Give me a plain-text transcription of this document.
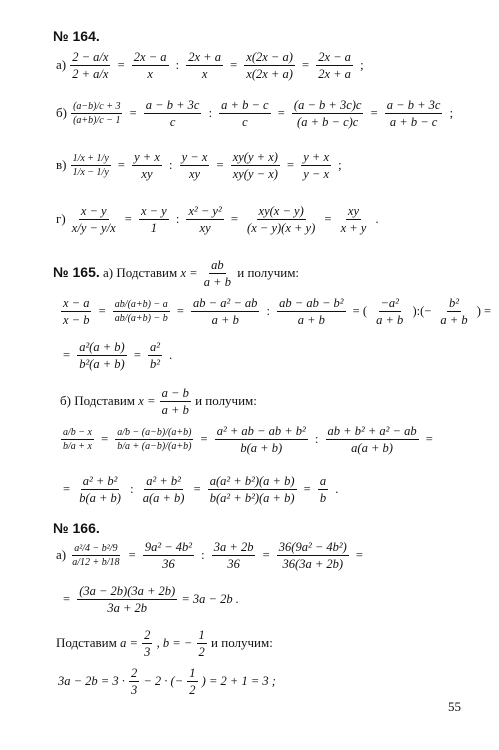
№ 164.
$а) \frac{2 - a/x}{2 + a/x} = \frac{2x - a}{x}$ : $\frac{2x + a}{x} = \frac{x(2x - a)}{x(2x + a)} = \frac{2x - a}{2x + a}$ ;
$б) \frac{(a-b)/c + 3}{(a+b)/c - 1} = \frac{a - b + 3c}{c}$ : $\frac{a + b - c}{c} = \frac{(a - b + 3c)c}{(a + b - c)c} = \frac{a - b + 3c}{a + b - c}$ ;
$в) \frac{1/x + 1/y}{1/x - 1/y} = \frac{y + x}{xy}$ : $\frac{y - x}{xy} = \frac{xy(y + x)}{xy(y - x)} = \frac{y + x}{y - x}$ ;
$г) \frac{x - y}{x/y - y/x} = \frac{x - y}{1}$ : $\frac{\text{x² − y²}}{xy} = \frac{xy(x - y)}{(x - y)(x + y)} = \frac{xy}{x + y}$ .
№ 165. а) Подставим $x = \frac{ab}{a + b}$ и получим:
$\frac{x - a}{x - b} = \frac{ab/(a+b) - a}{ab/(a+b) - b} = \frac{\text{ab − a² − ab}}{a + b}$ : $\frac{\text{ab − ab − b²}}{a + b}$ = ( $\frac{\text{−a²}}{a + b}$ ):(− $\frac{\text{b²}}{a + b}$ ) =
= $\frac{\text{a²(a + b)}}{\text{b²(a + b)}} = \frac{\text{a²}}{\text{b²}}$ .
б) Подставим $x = \frac{a - b}{a + b}$ и получим:
$\frac{a/b - x}{b/a + x} = \frac{a/b - (a-b)/(a+b)}{b/a + (a-b)/(a+b)} = \frac{\text{a² + ab − ab + b²}}{b(a + b)}$ : $\frac{\text{ab + b² + a² − ab}}{a(a + b)}$ =
= $\frac{\text{a² + b²}}{b(a + b)}$ : $\frac{\text{a² + b²}}{a(a + b)} = \frac{\text{a(a² + b²)(a + b)}}{\text{b(a² + b²)(a + b)}} = \frac{a}{b}$ .
№ 166.
$а) \frac{\text{a²/4 − b²/9}}{a/12 + b/18} = \frac{\text{9a² − 4b²}}{36}$ : $\frac{3a + 2b}{36} = \frac{\text{36(9a² − 4b²)}}{36(3a + 2b)}$ =
= $\frac{(3a - 2b)(3a + 2b)}{3a + 2b} = 3a - 2b$ .
Подставим $a = \frac{2}{3}$ , b = − $\frac{1}{2}$ и получим:
$3a - 2b = 3 \cdot \frac{2}{3} - 2$ · (− $\frac{1}{2}$ ) = 2 + 1 = 3 ;
55
